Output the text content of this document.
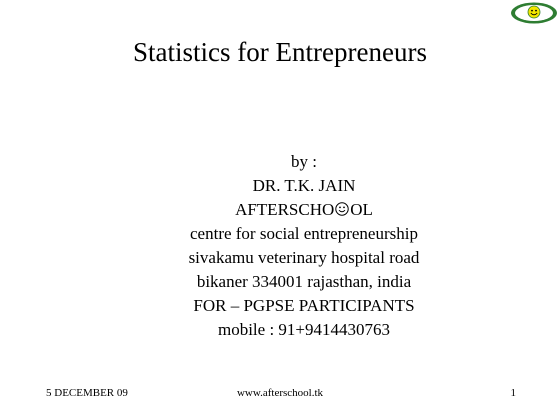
Statistics for Entrepreneurs
by :
DR. T.K. JAIN
AFTERSCHO OL
centre for social entrepreneurship
sivakamu veterinary hospital road
bikaner 334001 rajasthan, india
FOR – PGPSE PARTICIPANTS
mobile : 91+9414430763
5 DECEMBER 09	www.afterschool.tk	1
